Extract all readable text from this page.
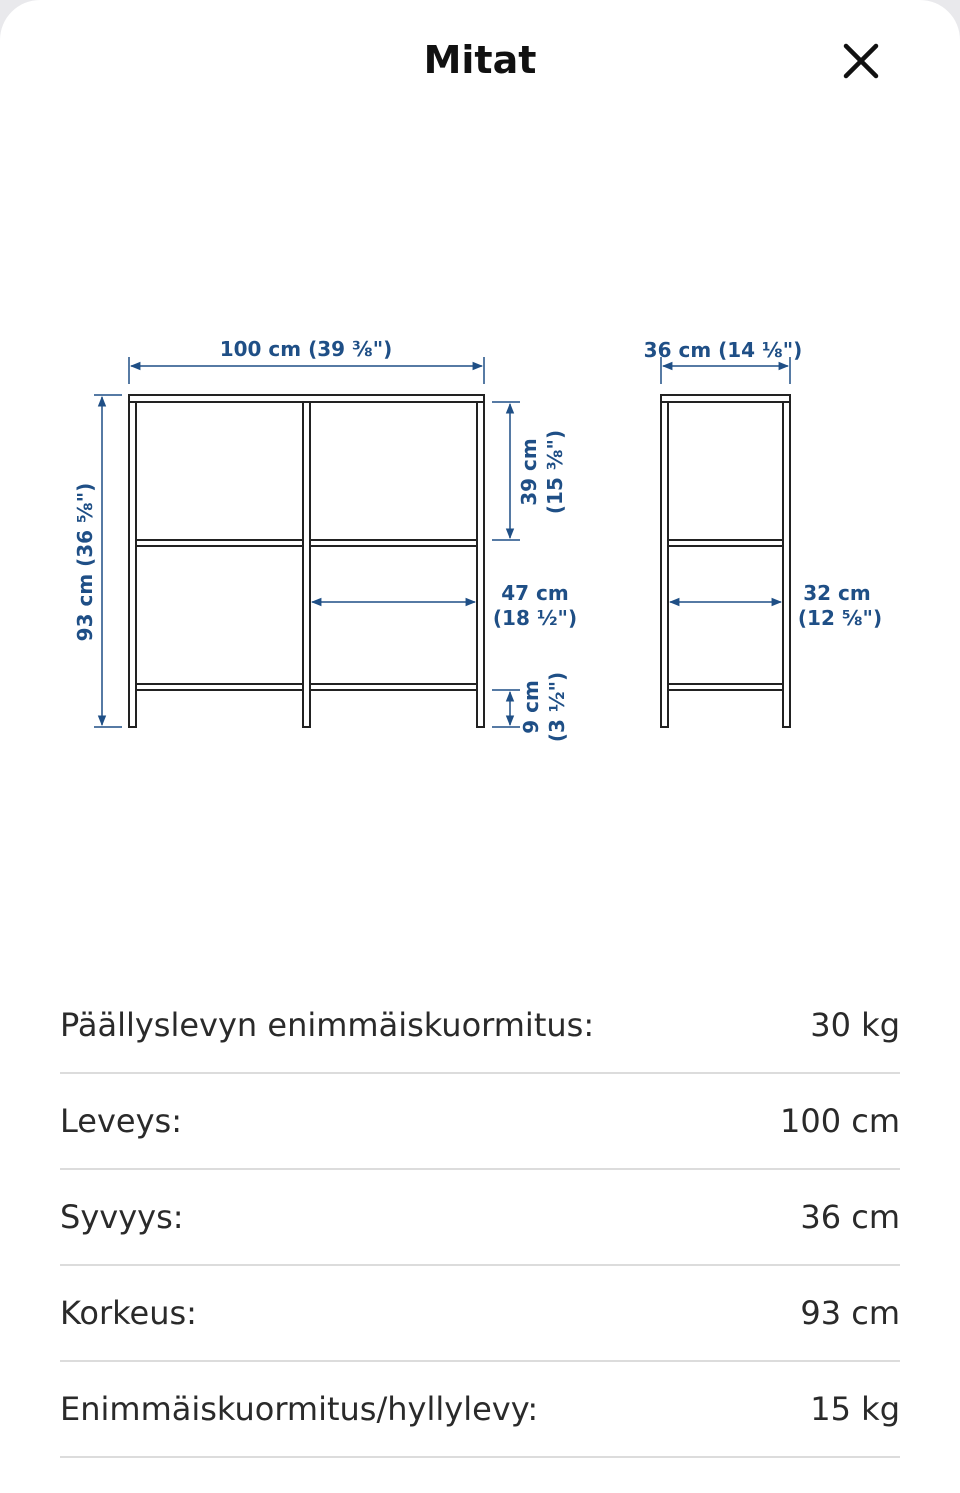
Mitat
100 cm (39 ⅜")
93 cm (36 ⅝")
39 cm (15 ⅜")
47 cm
(18 ½")
9 cm (3 ½")
36 cm (14 ⅛")
32 cm
(12 ⅝")
Päällyslevyn enimmäiskuormitus:	30 kg
Leveys:	100 cm
Syvyys:	36 cm
Korkeus:	93 cm
Enimmäiskuormitus/hyllylevy:	15 kg
